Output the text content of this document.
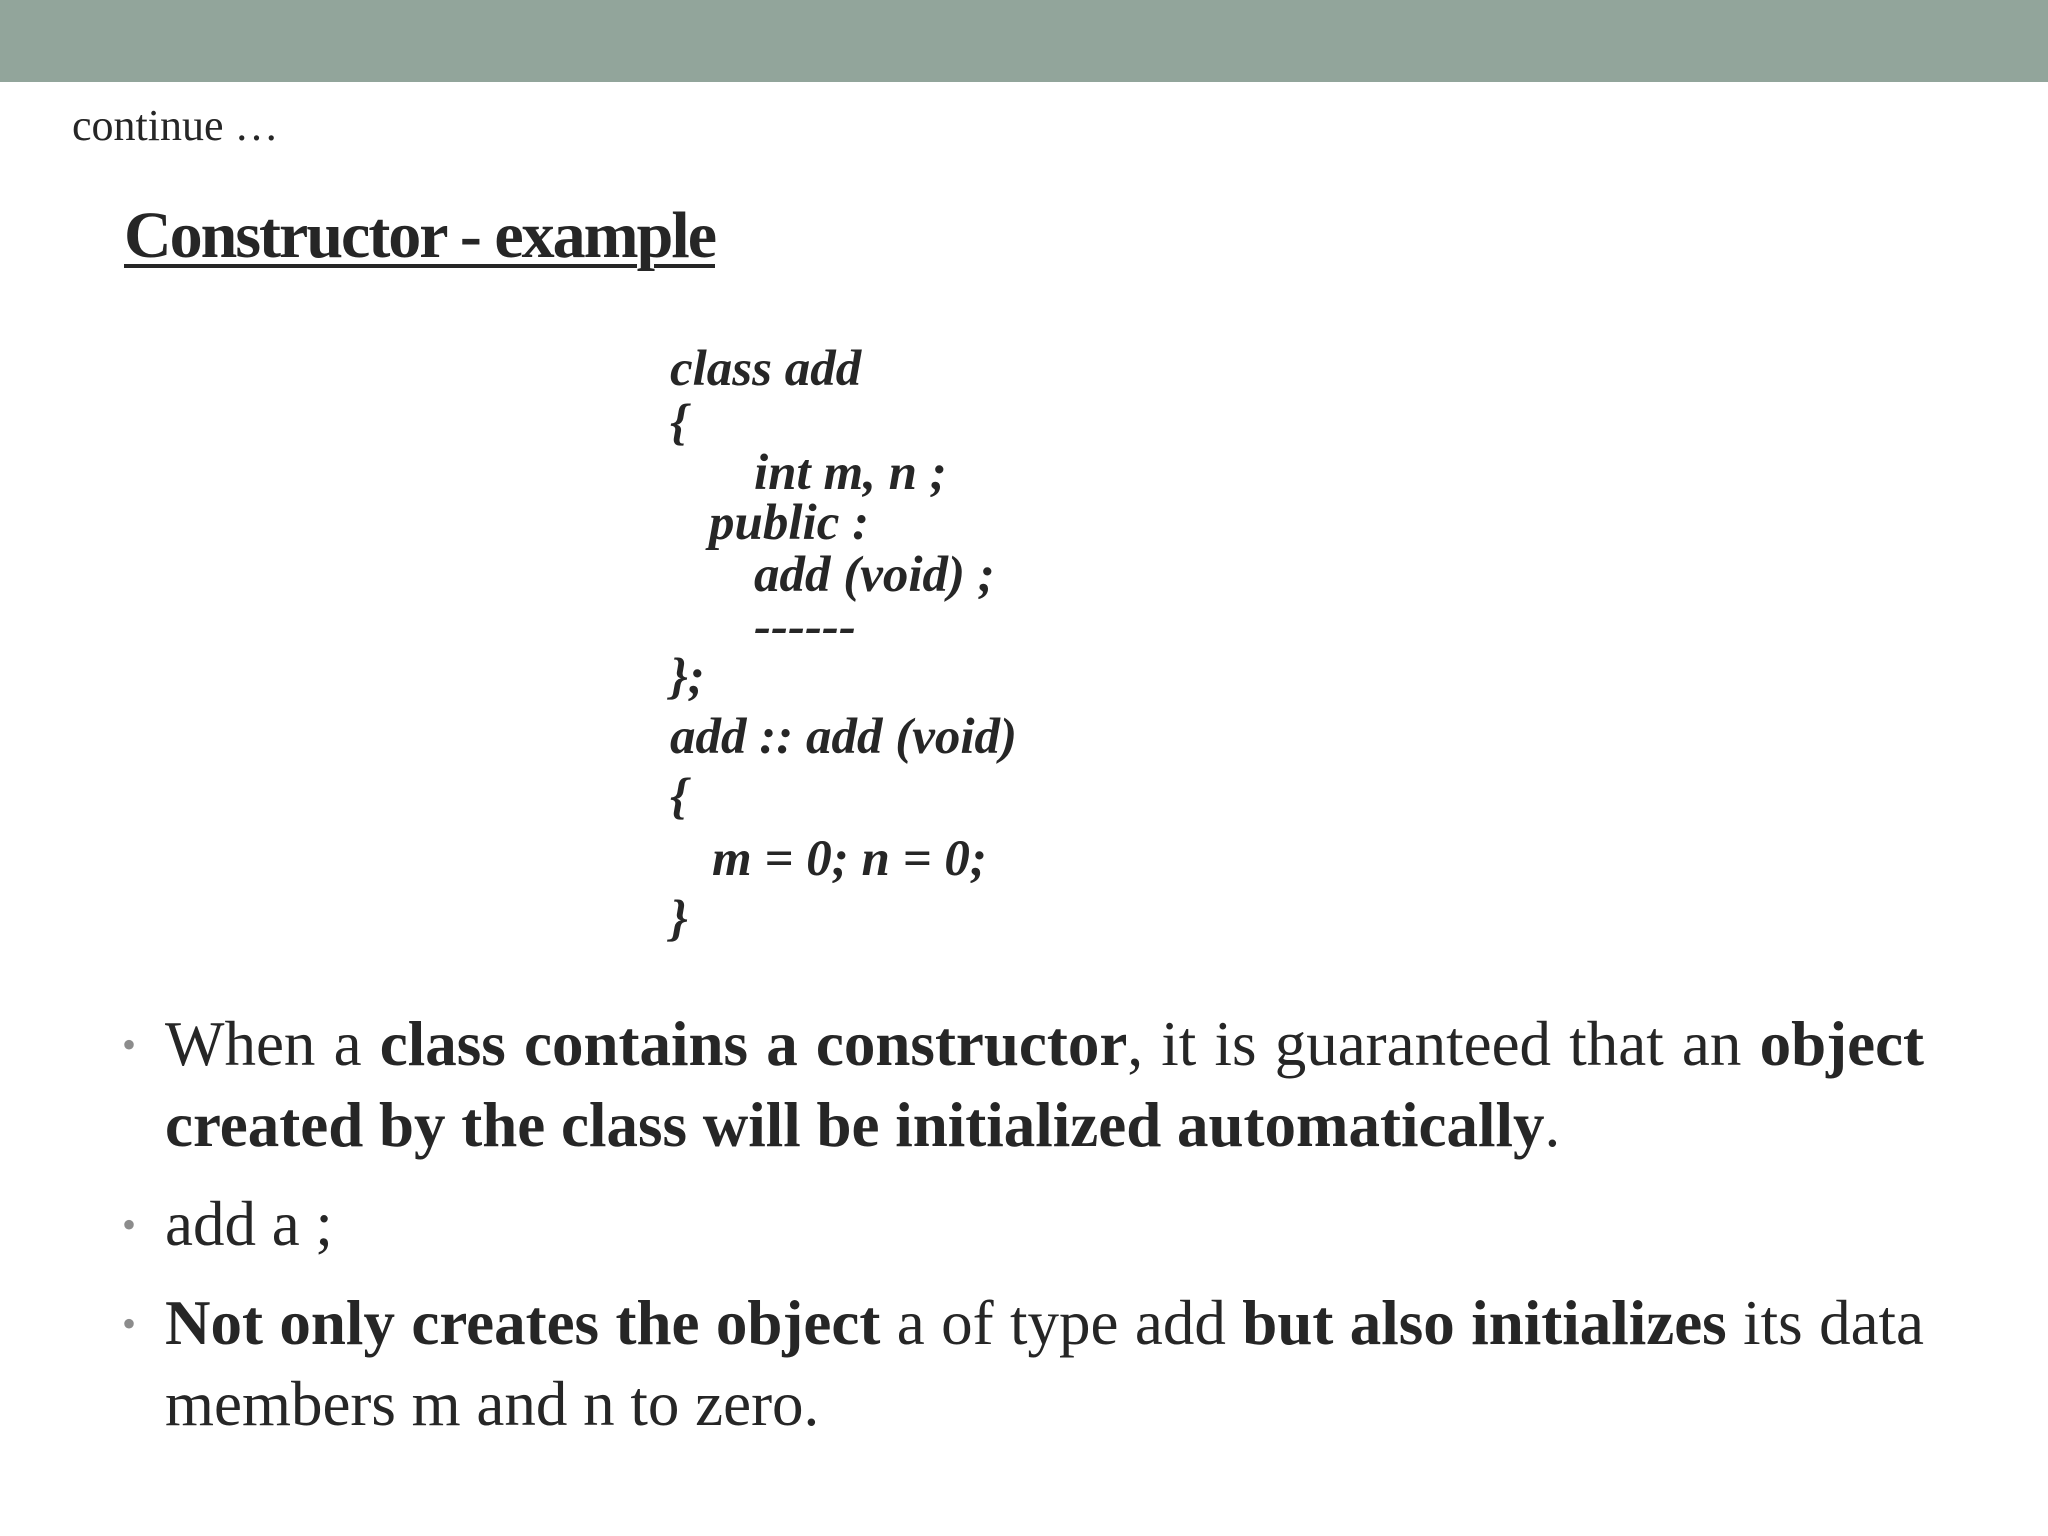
continue …
Constructor - example
class add
{
int m, n ;
public :
add (void) ;
------
};
add :: add (void)
{
m = 0; n = 0;
}
• When a class contains a constructor, it is guaranteed that an object created by the class will be initialized automatically.
• add a ;
• Not only creates the object a of type add but also initializes its data members m and n to zero.
